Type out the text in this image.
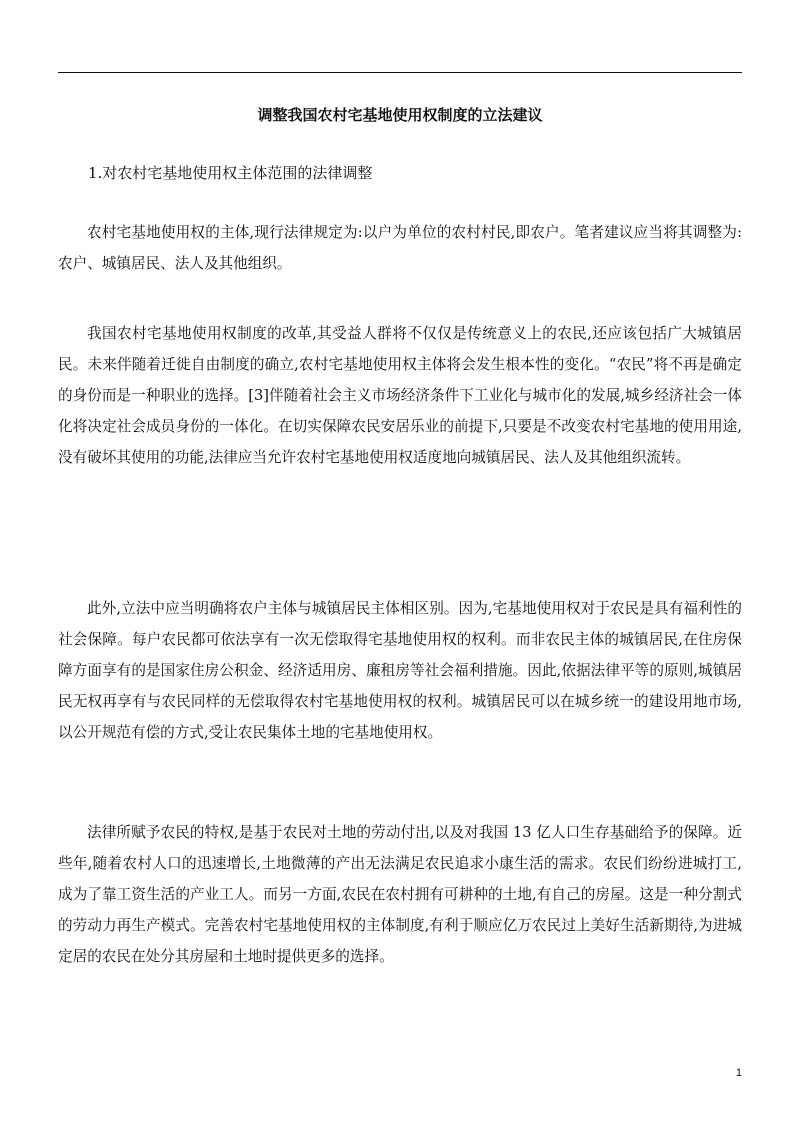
调整我国农村宅基地使用权制度的立法建议
1.对农村宅基地使用权主体范围的法律调整

农村宅基地使用权的主体,现行法律规定为:以户为单位的农村村民,即农户。笔者建议应当将其调整为:农户、城镇居民、法人及其他组织。

我国农村宅基地使用权制度的改革,其受益人群将不仅仅是传统意义上的农民,还应该包括广大城镇居民。未来伴随着迁徙自由制度的确立,农村宅基地使用权主体将会发生根本性的变化。“农民”将不再是确定的身份而是一种职业的选择。[3]伴随着社会主义市场经济条件下工业化与城市化的发展,城乡经济社会一体化将决定社会成员身份的一体化。在切实保障农民安居乐业的前提下,只要是不改变农村宅基地的使用用途,没有破坏其使用的功能,法律应当允许农村宅基地使用权适度地向城镇居民、法人及其他组织流转。

此外,立法中应当明确将农户主体与城镇居民主体相区别。因为,宅基地使用权对于农民是具有福利性的社会保障。每户农民都可依法享有一次无偿取得宅基地使用权的权利。而非农民主体的城镇居民,在住房保障方面享有的是国家住房公积金、经济适用房、廉租房等社会福利措施。因此,依据法律平等的原则,城镇居民无权再享有与农民同样的无偿取得农村宅基地使用权的权利。城镇居民可以在城乡统一的建设用地市场,以公开规范有偿的方式,受让农民集体土地的宅基地使用权。

法律所赋予农民的特权,是基于农民对土地的劳动付出,以及对我国 13 亿人口生存基础给予的保障。近些年,随着农村人口的迅速增长,土地微薄的产出无法满足农民追求小康生活的需求。农民们纷纷进城打工,成为了靠工资生活的产业工人。而另一方面,农民在农村拥有可耕种的土地,有自己的房屋。这是一种分割式的劳动力再生产模式。完善农村宅基地使用权的主体制度,有利于顺应亿万农民过上美好生活新期待,为进城定居的农民在处分其房屋和土地时提供更多的选择。

1
